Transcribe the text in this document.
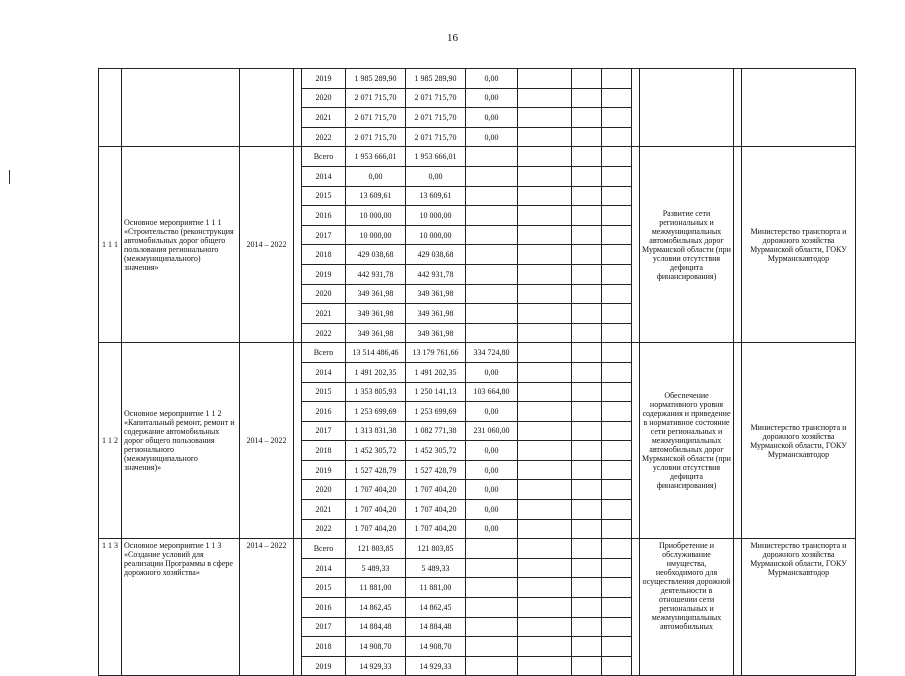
16
				2019	1 985 289,90	1 985 289,90	0,00							
				2020	2 071 715,70	2 071 715,70	0,00							
				2021	2 071 715,70	2 071 715,70	0,00							
				2022	2 071 715,70	2 071 715,70	0,00							
1 1 1	Основное мероприятие 1 1 1 «Строительство (реконструкция автомобильных дорог общего пользования регионального (межмуниципального) значения»	2014 – 2022		Всего	1 953 666,01	1 953 666,01						Развитие сети региональных и межмуниципальных автомобильных дорог Мурманской области (при условии отсутствия дефицита финансирования)		Министерство транспорта и дорожного хозяйства Мурманской области, ГОКУ Мурманскавтодор
				2014	0,00	0,00								
				2015	13 609,61	13 609,61								
				2016	10 000,00	10 000,00								
				2017	10 000,00	10 000,00								
				2018	429 038,68	429 038,68								
				2019	442 931,78	442 931,78								
				2020	349 361,98	349 361,98								
				2021	349 361,98	349 361,98								
				2022	349 361,98	349 361,98								
1 1 2	Основное мероприятие 1 1 2 «Капитальный ремонт, ремонт и содержание автомобильных дорог общего пользования регионального (межмуниципального значения)»	2014 – 2022		Всего	13 514 486,46	13 179 761,66	334 724,80					Обеспечение нормативного уровня содержания и приведение в нормативное состояние сети региональных и межмуниципальных автомобильных дорог Мурманской области (при условии отсутствия дефицита финансирования)		Министерство транспорта и дорожного хозяйства Мурманской области, ГОКУ Мурманскавтодор
				2014	1 491 202,35	1 491 202,35	0,00							
				2015	1 353 805,93	1 250 141,13	103 664,80							
				2016	1 253 699,69	1 253 699,69	0,00							
				2017	1 313 831,38	1 082 771,38	231 060,00							
				2018	1 452 305,72	1 452 305,72	0,00							
				2019	1 527 428,79	1 527 428,79	0,00							
				2020	1 707 404,20	1 707 404,20	0,00							
				2021	1 707 404,20	1 707 404,20	0,00							
				2022	1 707 404,20	1 707 404,20	0,00							
1 1 3	Основное мероприятие 1 1 3 «Создание условий для реализации Программы в сфере дорожного хозяйства»	2014 – 2022		Всего	121 803,85	121 803,85						Приобретение и обслуживание имущества, необходимого для осуществления дорожной деятельности в отношении сети региональных и межмуниципальных автомобильных		Министерство транспорта и дорожного хозяйства Мурманской области, ГОКУ Мурманскавтодор
				2014	5 489,33	5 489,33								
				2015	11 881,00	11 881,00								
				2016	14 862,45	14 862,45								
				2017	14 884,48	14 884,48								
				2018	14 908,70	14 908,70								
				2019	14 929,33	14 929,33								
